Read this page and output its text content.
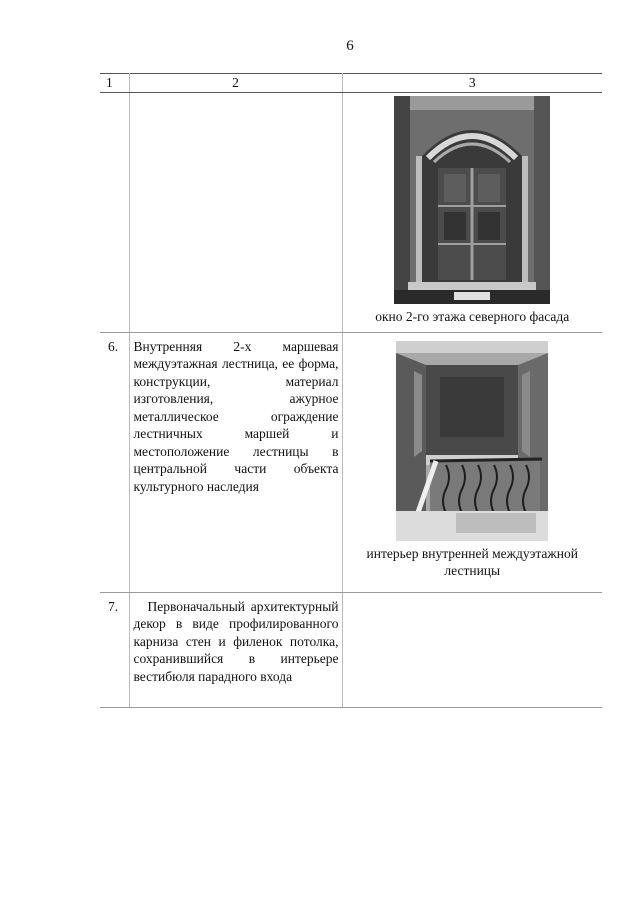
6
1	2	3

		окно 2-го этажа северного фасада

6.	Внутренняя 2-х маршевая междуэтажная лестница, ее форма, конструкции, материал изготовления, ажурное металлическое ограждение лестничных маршей и местоположение лестницы в центральной части объекта культурного наследия	интерьер внутренней междуэтажной лестницы

7.	Первоначальный архитектурный декор в виде профилированного карниза стен и филенок потолка, сохранившийся в интерьере вестибюля парадного входа	
